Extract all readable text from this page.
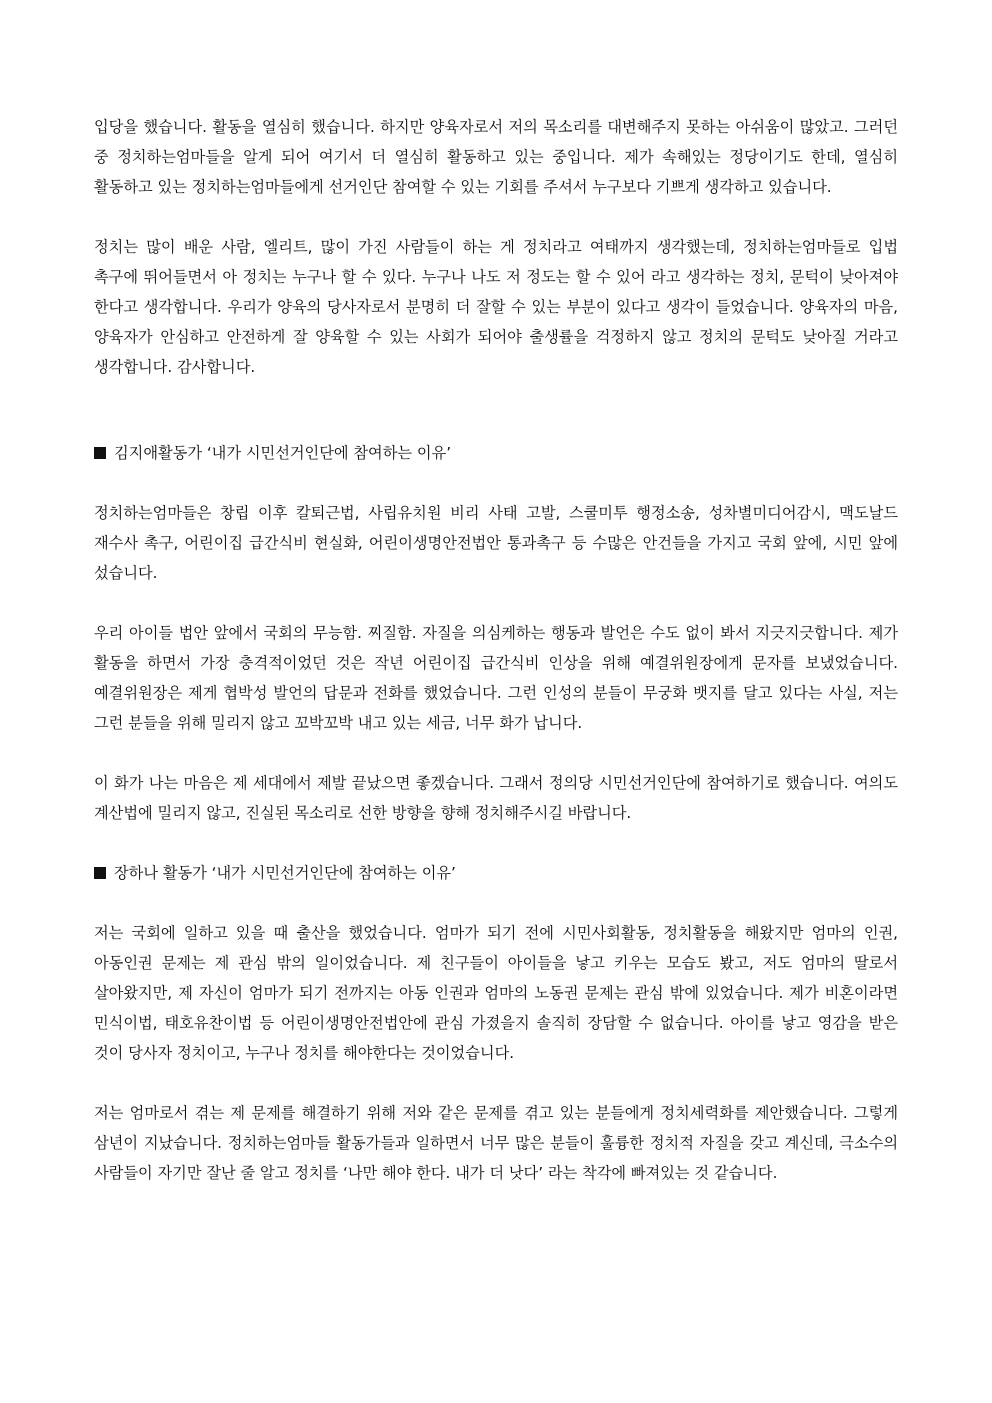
입당을 했습니다. 활동을 열심히 했습니다. 하지만 양육자로서 저의 목소리를 대변해주지 못하는 아쉬움이 많았고. 그러던 중 정치하는엄마들을 알게 되어 여기서 더 열심히 활동하고 있는 중입니다. 제가 속해있는 정당이기도 한데, 열심히 활동하고 있는 정치하는엄마들에게 선거인단 참여할 수 있는 기회를 주셔서 누구보다 기쁘게 생각하고 있습니다.

정치는 많이 배운 사람, 엘리트, 많이 가진 사람들이 하는 게 정치라고 여태까지 생각했는데, 정치하는엄마들로 입법 촉구에 뛰어들면서 아 정치는 누구나 할 수 있다. 누구나 나도 저 정도는 할 수 있어 라고 생각하는 정치, 문턱이 낮아져야 한다고 생각합니다. 우리가 양육의 당사자로서 분명히 더 잘할 수 있는 부분이 있다고 생각이 들었습니다. 양육자의 마음, 양육자가 안심하고 안전하게 잘 양육할 수 있는 사회가 되어야 출생률을 걱정하지 않고 정치의 문턱도 낮아질 거라고 생각합니다. 감사합니다.

김지애활동가 ‘내가 시민선거인단에 참여하는 이유’

정치하는엄마들은 창립 이후 칼퇴근법, 사립유치원 비리 사태 고발, 스쿨미투 행정소송, 성차별미디어감시, 맥도날드 재수사 촉구, 어린이집 급간식비 현실화, 어린이생명안전법안 통과촉구 등 수많은 안건들을 가지고 국회 앞에, 시민 앞에 섰습니다.

우리 아이들 법안 앞에서 국회의 무능함. 찌질함. 자질을 의심케하는 행동과 발언은 수도 없이 봐서 지긋지긋합니다. 제가 활동을 하면서 가장 충격적이었던 것은 작년 어린이집 급간식비 인상을 위해 예결위원장에게 문자를 보냈었습니다. 예결위원장은 제게 협박성 발언의 답문과 전화를 했었습니다. 그런 인성의 분들이 무궁화 뱃지를 달고 있다는 사실, 저는 그런 분들을 위해 밀리지 않고 꼬박꼬박 내고 있는 세금, 너무 화가 납니다.

이 화가 나는 마음은 제 세대에서 제발 끝났으면 좋겠습니다. 그래서 정의당 시민선거인단에 참여하기로 했습니다. 여의도 계산법에 밀리지 않고, 진실된 목소리로 선한 방향을 향해 정치해주시길 바랍니다.

장하나 활동가 ‘내가 시민선거인단에 참여하는 이유’

저는 국회에 일하고 있을 때 출산을 했었습니다. 엄마가 되기 전에 시민사회활동, 정치활동을 해왔지만 엄마의 인권, 아동인권 문제는 제 관심 밖의 일이었습니다. 제 친구들이 아이들을 낳고 키우는 모습도 봤고, 저도 엄마의 딸로서 살아왔지만, 제 자신이 엄마가 되기 전까지는 아동 인권과 엄마의 노동권 문제는 관심 밖에 있었습니다. 제가 비혼이라면 민식이법, 태호유찬이법 등 어린이생명안전법안에 관심 가졌을지 솔직히 장담할 수 없습니다. 아이를 낳고 영감을 받은 것이 당사자 정치이고, 누구나 정치를 해야한다는 것이었습니다.

저는 엄마로서 겪는 제 문제를 해결하기 위해 저와 같은 문제를 겪고 있는 분들에게 정치세력화를 제안했습니다. 그렇게 삼년이 지났습니다. 정치하는엄마들 활동가들과 일하면서 너무 많은 분들이 훌륭한 정치적 자질을 갖고 계신데, 극소수의 사람들이 자기만 잘난 줄 알고 정치를 ‘나만 해야 한다. 내가 더 낫다’ 라는 착각에 빠져있는 것 같습니다.
